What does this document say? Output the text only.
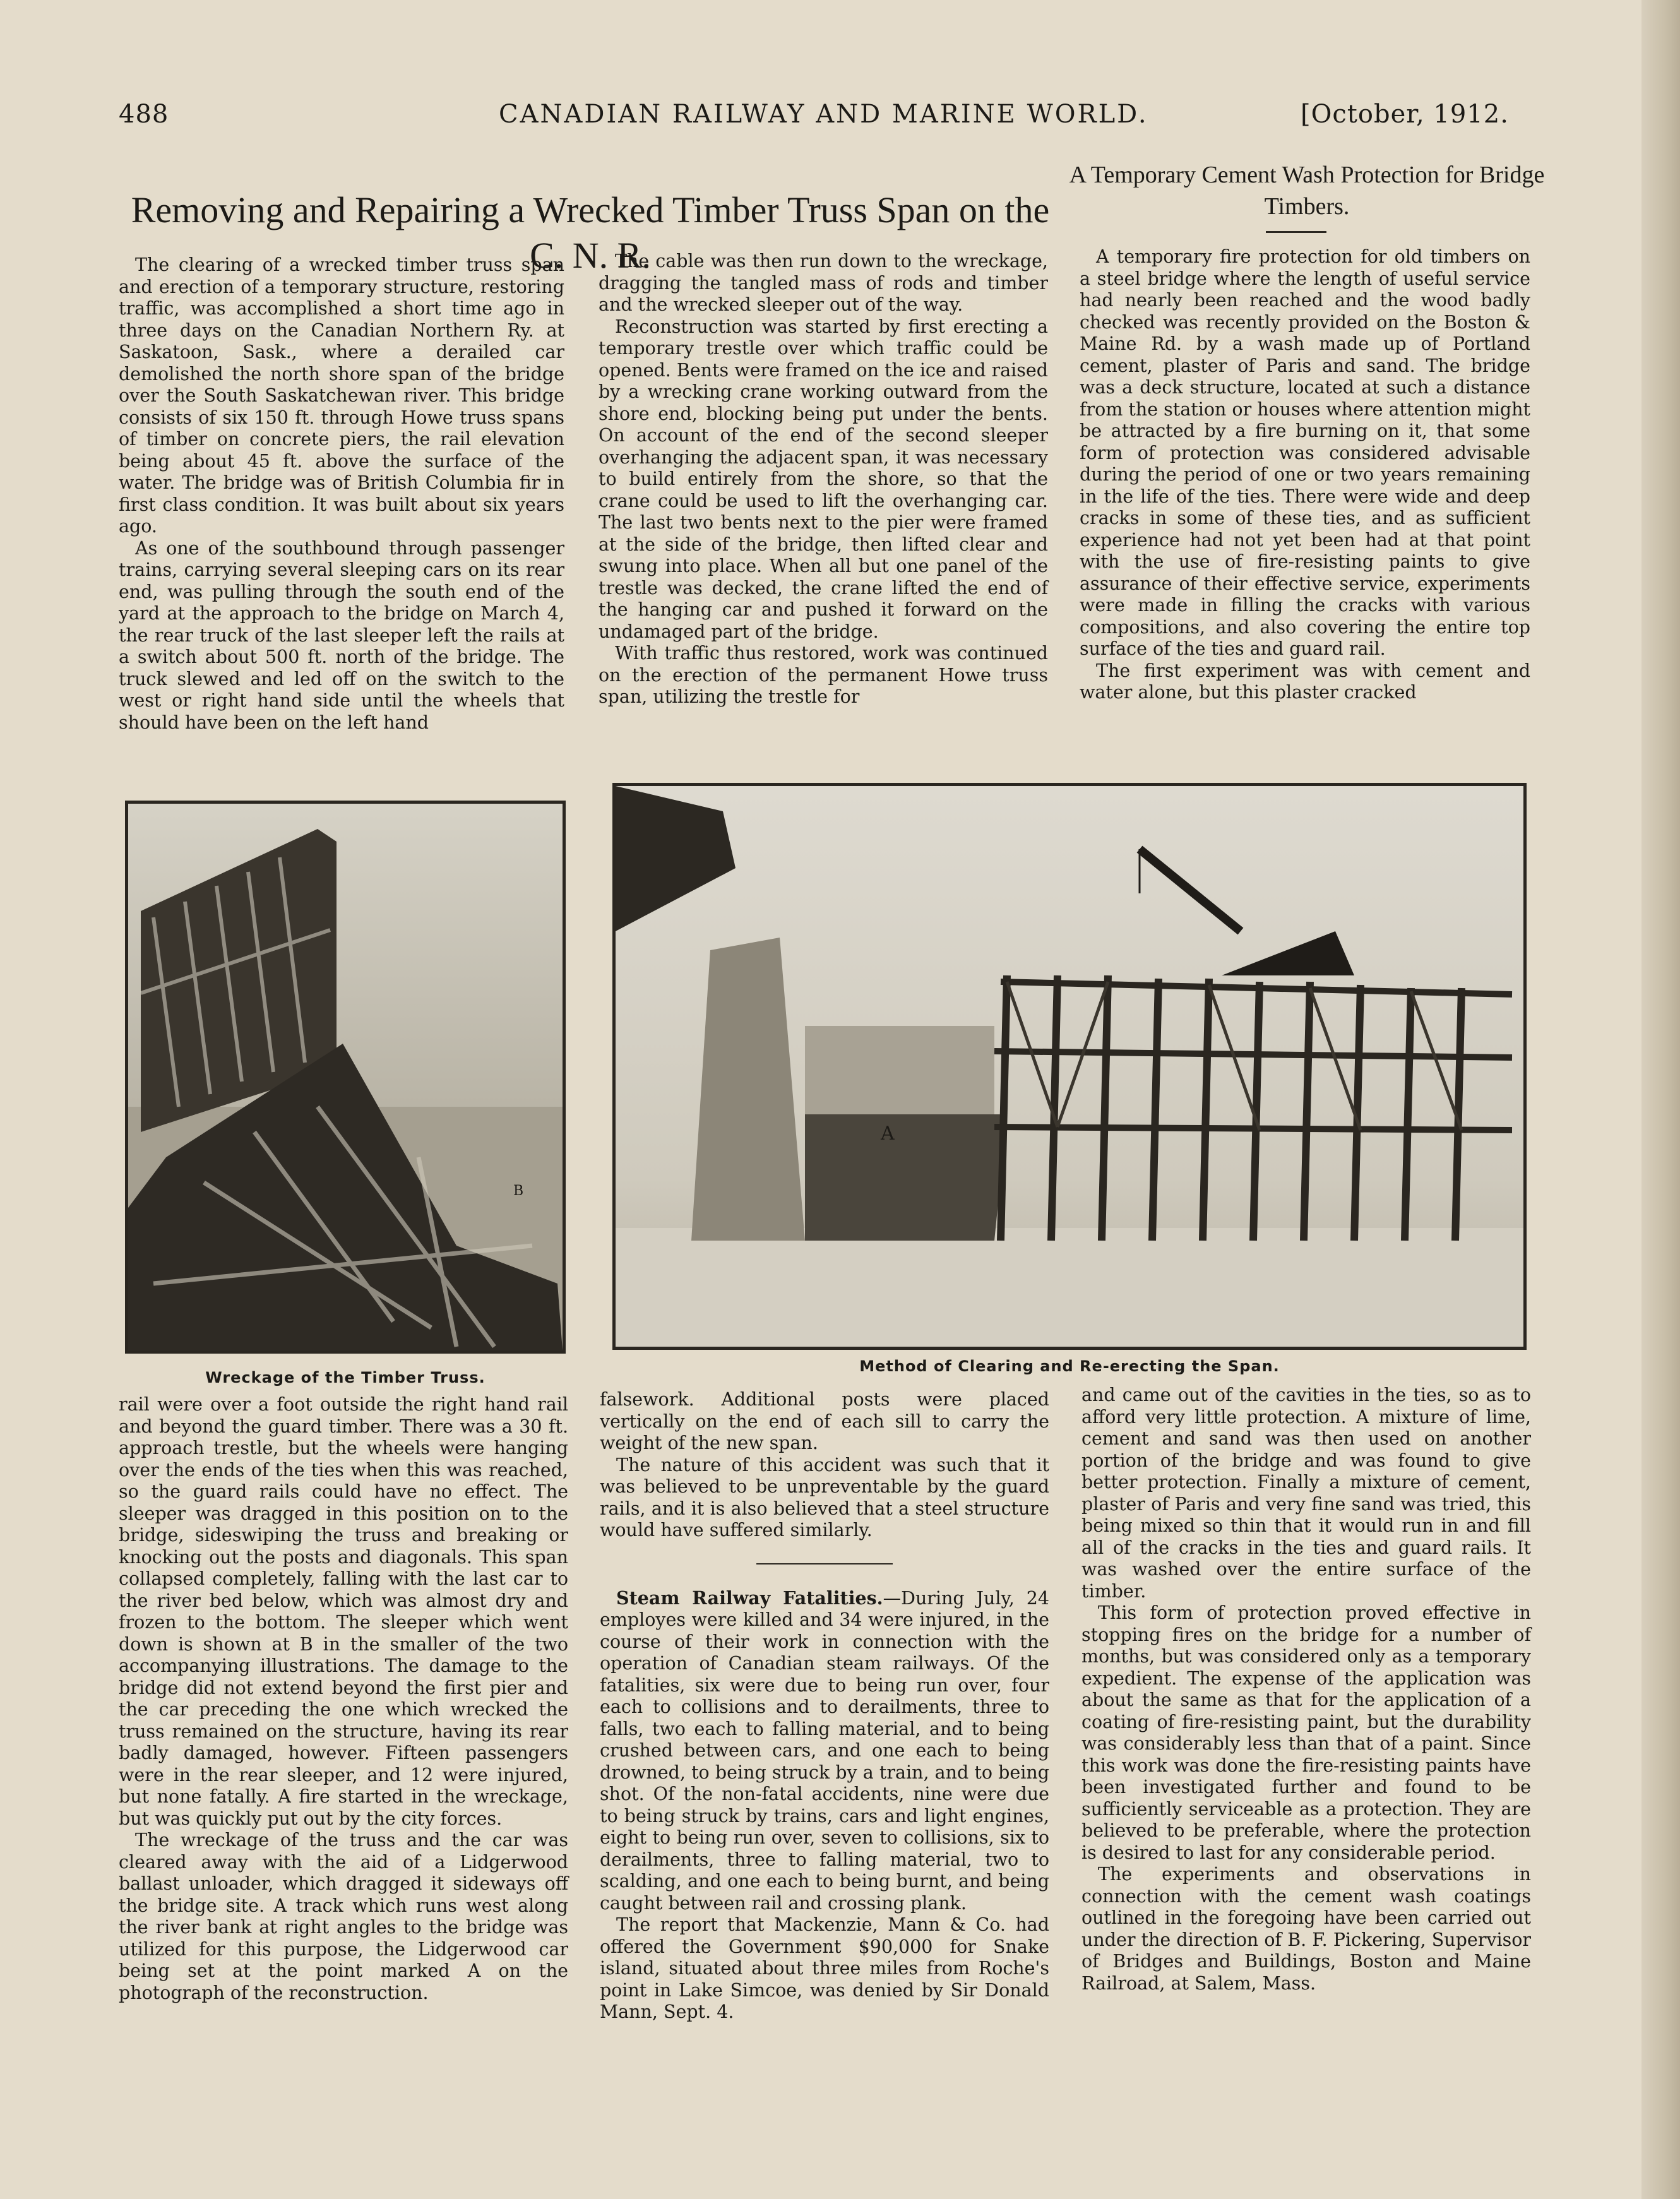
488	CANADIAN RAILWAY AND MARINE WORLD.	[October, 1912.
Removing and Repairing a Wrecked Timber Truss Span on the C. N. R.
A Temporary Cement Wash Protection for Bridge Timbers.

The clearing of a wrecked timber truss span and erection of a temporary structure, restoring traffic, was accomplished a short time ago in three days on the Canadian Northern Ry. at Saskatoon, Sask., where a derailed car demolished the north shore span of the bridge over the South Saskatchewan river. This bridge consists of six 150 ft. through Howe truss spans of timber on concrete piers, the rail elevation being about 45 ft. above the surface of the water. The bridge was of British Columbia fir in first class condition. It was built about six years ago.

As one of the southbound through passenger trains, carrying several sleeping cars on its rear end, was pulling through the south end of the yard at the approach to the bridge on March 4, the rear truck of the last sleeper left the rails at a switch about 500 ft. north of the bridge. The truck slewed and led off on the switch to the west or right hand side until the wheels that should have been on the left hand

The cable was then run down to the wreckage, dragging the tangled mass of rods and timber and the wrecked sleeper out of the way.

Reconstruction was started by first erecting a temporary trestle over which traffic could be opened. Bents were framed on the ice and raised by a wrecking crane working outward from the shore end, blocking being put under the bents. On account of the end of the second sleeper overhanging the adjacent span, it was necessary to build entirely from the shore, so that the crane could be used to lift the overhanging car. The last two bents next to the pier were framed at the side of the bridge, then lifted clear and swung into place. When all but one panel of the trestle was decked, the crane lifted the end of the hanging car and pushed it forward on the undamaged part of the bridge.

With traffic thus restored, work was continued on the erection of the permanent Howe truss span, utilizing the trestle for

A temporary fire protection for old timbers on a steel bridge where the length of useful service had nearly been reached and the wood badly checked was recently provided on the Boston & Maine Rd. by a wash made up of Portland cement, plaster of Paris and sand. The bridge was a deck structure, located at such a distance from the station or houses where attention might be attracted by a fire burning on it, that some form of protection was considered advisable during the period of one or two years remaining in the life of the ties. There were wide and deep cracks in some of these ties, and as sufficient experience had not yet been had at that point with the use of fire-resisting paints to give assurance of their effective service, experiments were made in filling the cracks with various compositions, and also covering the entire top surface of the ties and guard rail.

The first experiment was with cement and water alone, but this plaster cracked

B
A
Wreckage of the Timber Truss.
Method of Clearing and Re-erecting the Span.

rail were over a foot outside the right hand rail and beyond the guard timber. There was a 30 ft. approach trestle, but the wheels were hanging over the ends of the ties when this was reached, so the guard rails could have no effect. The sleeper was dragged in this position on to the bridge, sideswiping the truss and breaking or knocking out the posts and diagonals. This span collapsed completely, falling with the last car to the river bed below, which was almost dry and frozen to the bottom. The sleeper which went down is shown at B in the smaller of the two accompanying illustrations. The damage to the bridge did not extend beyond the first pier and the car preceding the one which wrecked the truss remained on the structure, having its rear badly damaged, however. Fifteen passengers were in the rear sleeper, and 12 were injured, but none fatally. A fire started in the wreckage, but was quickly put out by the city forces.

The wreckage of the truss and the car was cleared away with the aid of a Lidgerwood ballast unloader, which dragged it sideways off the bridge site. A track which runs west along the river bank at right angles to the bridge was utilized for this purpose, the Lidgerwood car being set at the point marked A on the photograph of the reconstruction.

falsework. Additional posts were placed vertically on the end of each sill to carry the weight of the new span.

The nature of this accident was such that it was believed to be unpreventable by the guard rails, and it is also believed that a steel structure would have suffered similarly.

Steam Railway Fatalities.—During July, 24 employes were killed and 34 were injured, in the course of their work in connection with the operation of Canadian steam railways. Of the fatalities, six were due to being run over, four each to collisions and to derailments, three to falls, two each to falling material, and to being crushed between cars, and one each to being drowned, to being struck by a train, and to being shot. Of the non-fatal accidents, nine were due to being struck by trains, cars and light engines, eight to being run over, seven to collisions, six to derailments, three to falling material, two to scalding, and one each to being burnt, and being caught between rail and crossing plank.

The report that Mackenzie, Mann & Co. had offered the Government $90,000 for Snake island, situated about three miles from Roche's point in Lake Simcoe, was denied by Sir Donald Mann, Sept. 4.

and came out of the cavities in the ties, so as to afford very little protection. A mixture of lime, cement and sand was then used on another portion of the bridge and was found to give better protection. Finally a mixture of cement, plaster of Paris and very fine sand was tried, this being mixed so thin that it would run in and fill all of the cracks in the ties and guard rails. It was washed over the entire surface of the timber.

This form of protection proved effective in stopping fires on the bridge for a number of months, but was considered only as a temporary expedient. The expense of the application was about the same as that for the application of a coating of fire-resisting paint, but the durability was considerably less than that of a paint. Since this work was done the fire-resisting paints have been investigated further and found to be sufficiently serviceable as a protection. They are believed to be preferable, where the protection is desired to last for any considerable period.

The experiments and observations in connection with the cement wash coatings outlined in the foregoing have been carried out under the direction of B. F. Pickering, Supervisor of Bridges and Buildings, Boston and Maine Railroad, at Salem, Mass.
